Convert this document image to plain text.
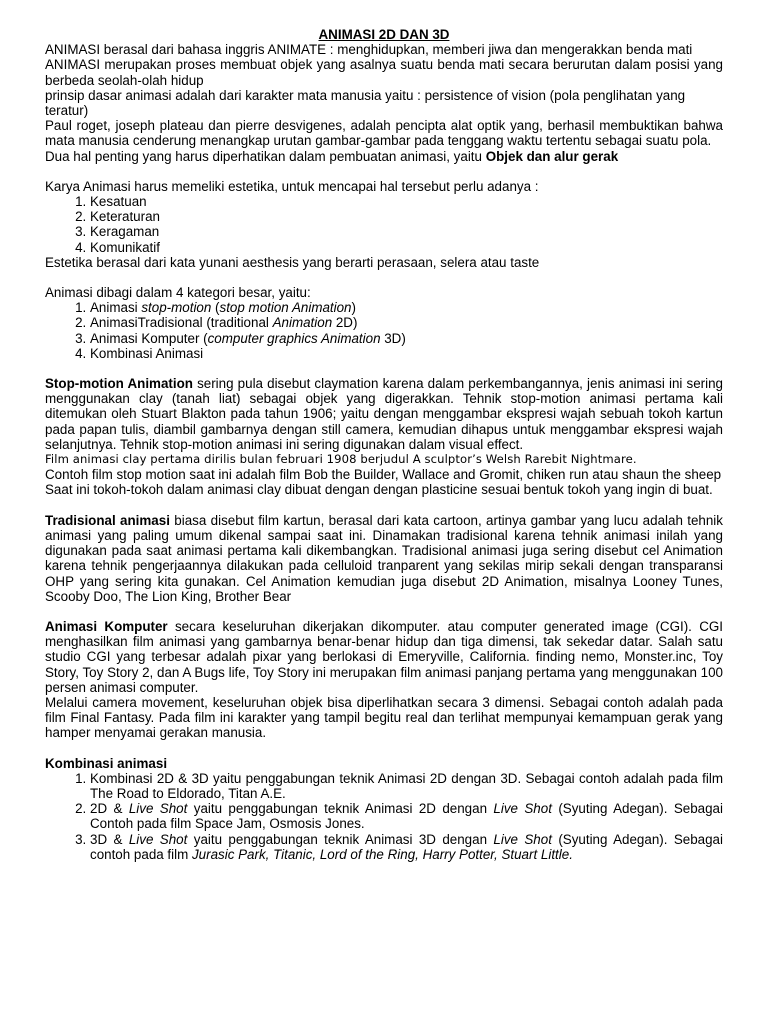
ANIMASI 2D DAN 3D

ANIMASI berasal dari bahasa inggris ANIMATE : menghidupkan, memberi jiwa dan mengerakkan benda mati

ANIMASI merupakan proses membuat objek yang asalnya suatu benda mati secara berurutan dalam posisi yang berbeda seolah-olah hidup

prinsip dasar animasi adalah dari karakter mata manusia yaitu : persistence of vision (pola penglihatan yang teratur)

Paul roget, joseph plateau dan pierre desvigenes, adalah pencipta alat optik yang, berhasil membuktikan bahwa mata manusia cenderung menangkap urutan gambar-gambar pada tenggang waktu tertentu sebagai suatu pola.

Dua hal penting yang harus diperhatikan dalam pembuatan animasi, yaitu Objek dan alur gerak

Karya Animasi harus memeliki estetika, untuk mencapai hal tersebut perlu adanya :

1. Kesatuan
2. Keteraturan
3. Keragaman
4. Komunikatif

Estetika berasal dari kata yunani aesthesis yang berarti perasaan, selera atau taste

Animasi dibagi dalam 4 kategori besar, yaitu:

1. Animasi stop-motion (stop motion Animation)
2. AnimasiTradisional (traditional Animation 2D)
3. Animasi Komputer (computer graphics Animation 3D)
4. Kombinasi Animasi

Stop-motion Animation sering pula disebut claymation karena dalam perkembangannya, jenis animasi ini sering menggunakan clay (tanah liat) sebagai objek yang digerakkan. Tehnik stop-motion animasi pertama kali ditemukan oleh Stuart Blakton pada tahun 1906; yaitu dengan menggambar ekspresi wajah sebuah tokoh kartun pada papan tulis, diambil gambarnya dengan still camera, kemudian dihapus untuk menggambar ekspresi wajah selanjutnya. Tehnik stop-motion animasi ini sering digunakan dalam visual effect.

Film animasi clay pertama dirilis bulan februari 1908 berjudul A sculptor’s Welsh Rarebit Nightmare.

Contoh film stop motion saat ini adalah film Bob the Builder, Wallace and Gromit, chiken run atau shaun the sheep

Saat ini tokoh-tokoh dalam animasi clay dibuat dengan dengan plasticine sesuai bentuk tokoh yang ingin di buat.

Tradisional animasi biasa disebut film kartun, berasal dari kata cartoon, artinya gambar yang lucu adalah tehnik animasi yang paling umum dikenal sampai saat ini. Dinamakan tradisional karena tehnik animasi inilah yang digunakan pada saat animasi pertama kali dikembangkan. Tradisional animasi juga sering disebut cel Animation karena tehnik pengerjaannya dilakukan pada celluloid tranparent yang sekilas mirip sekali dengan transparansi OHP yang sering kita gunakan. Cel Animation kemudian juga disebut 2D Animation, misalnya Looney Tunes, Scooby Doo, The Lion King, Brother Bear

Animasi Komputer secara keseluruhan dikerjakan dikomputer. atau computer generated image (CGI). CGI menghasilkan film animasi yang gambarnya benar-benar hidup dan tiga dimensi, tak sekedar datar. Salah satu studio CGI yang terbesar adalah pixar yang berlokasi di Emeryville, California. finding nemo, Monster.inc, Toy Story, Toy Story 2, dan A Bugs life, Toy Story ini merupakan film animasi panjang pertama yang menggunakan 100 persen animasi computer.

Melalui camera movement, keseluruhan objek bisa diperlihatkan secara 3 dimensi. Sebagai contoh adalah pada film Final Fantasy. Pada film ini karakter yang tampil begitu real dan terlihat mempunyai kemampuan gerak yang hamper menyamai gerakan manusia.

Kombinasi animasi

1. Kombinasi 2D & 3D yaitu penggabungan teknik Animasi 2D dengan 3D. Sebagai contoh adalah pada film The Road to Eldorado, Titan A.E.
2. 2D & Live Shot yaitu penggabungan teknik Animasi 2D dengan Live Shot (Syuting Adegan). Sebagai Contoh pada film Space Jam, Osmosis Jones.
3. 3D & Live Shot yaitu penggabungan teknik Animasi 3D dengan Live Shot (Syuting Adegan). Sebagai contoh pada film Jurasic Park, Titanic, Lord of the Ring, Harry Potter, Stuart Little.
